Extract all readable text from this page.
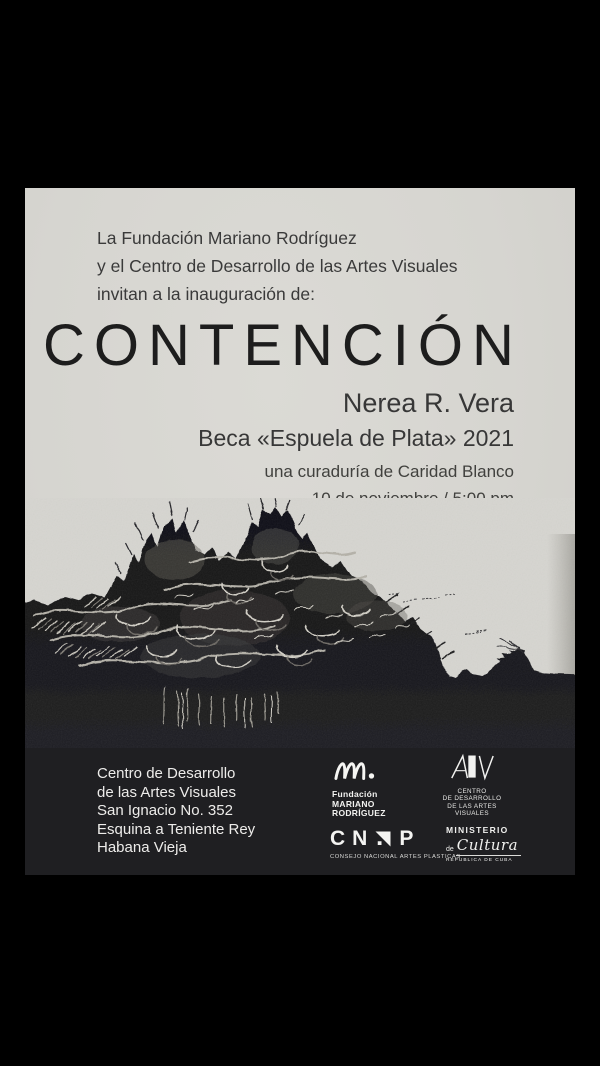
La Fundación Mariano Rodríguez
y el Centro de Desarrollo de las Artes Visuales
invitan a la inauguración de:
CONTENCIÓN
Nerea R. Vera
Beca «Espuela de Plata» 2021
una curaduría de Caridad Blanco
Centro de Desarrollo
de las Artes Visuales
San Ignacio No. 352
Esquina a Teniente Rey
Habana Vieja
Fundación
MARIANO
RODRÍGUEZ
CENTRO
DE DESARROLLO
DE LAS ARTES
VISUALES
C N P
CONSEJO NACIONAL ARTES PLASTICAS
MINISTERIO
de Cultura
REPUBLICA DE CUBA
